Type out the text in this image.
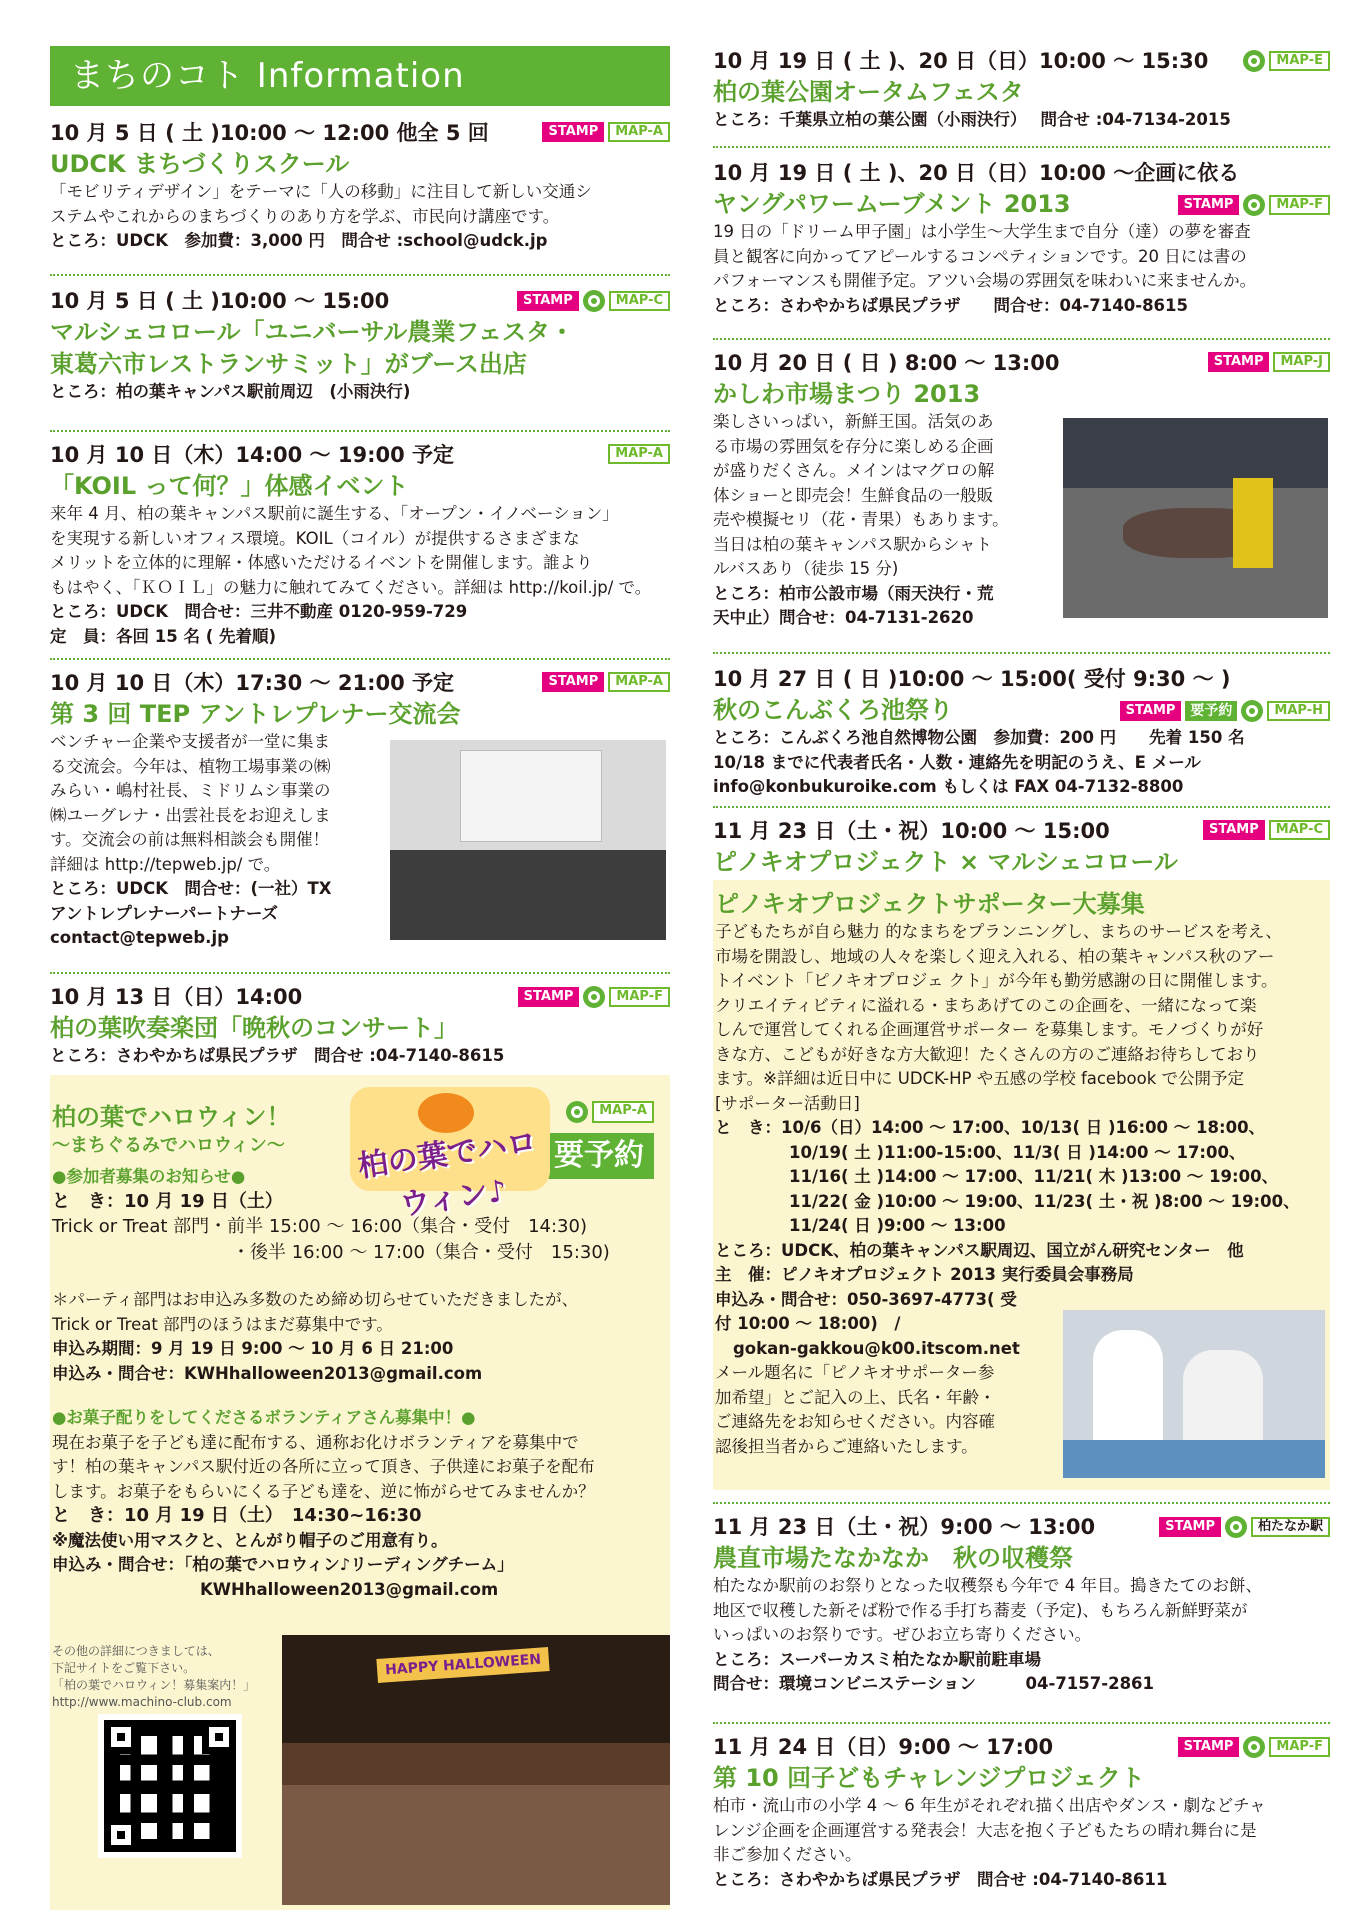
まちのコト Information
10 月 5 日 ( 土 )10:00 ～ 12:00 他全 5 回	STAMP	MAP-A
UDCK まちづくりスクール
「モビリティデザイン」をテーマに「人の移動」に注目して新しい交通シ
ステムやこれからのまちづくりのあり方を学ぶ、市民向け講座です。
ところ：UDCK　参加費：3,000 円　問合せ :school@udck.jp
10 月 5 日 ( 土 )10:00 ～ 15:00	STAMP	MAP-C
マルシェコロール「ユニバーサル農業フェスタ・
東葛六市レストランサミット」がブース出店
ところ：柏の葉キャンパス駅前周辺　(小雨決行)
10 月 10 日（木）14:00 ～ 19:00 予定	MAP-A
「KOIL って何？」体感イベント
来年 4 月、柏の葉キャンパス駅前に誕生する、「オープン・イノベーション」
を実現する新しいオフィス環境。KOIL（コイル）が提供するさまざまな
メリットを立体的に理解・体感いただけるイベントを開催します。誰より
もはやく、「ＫＯＩＬ」の魅力に触れてみてください。詳細は http://koil.jp/ で。
ところ：UDCK　問合せ：三井不動産 0120-959-729
定　員：各回 15 名 ( 先着順)
10 月 10 日（木）17:30 ～ 21:00 予定	STAMP	MAP-A
第 3 回 TEP アントレプレナー交流会
ベンチャー企業や支援者が一堂に集ま
る交流会。今年は、植物工場事業の㈱
みらい・嶋村社長、ミドリムシ事業の
㈱ユーグレナ・出雲社長をお迎えしま
す。交流会の前は無料相談会も開催！
詳細は http://tepweb.jp/ で。
ところ：UDCK　問合せ：(一社）TX
アントレプレナーパートナーズ
contact@tepweb.jp
10 月 13 日（日）14:00	STAMP	MAP-F
柏の葉吹奏楽団「晩秋のコンサート」
ところ：さわやかちば県民プラザ　問合せ :04-7140-8615
柏の葉でハロウィン！
～まちぐるみでハロウィン～
MAP-A
要予約
●参加者募集のお知らせ●
と　き：10 月 19 日（土）
Trick or Treat 部門・前半 15:00 ～ 16:00（集合・受付　14:30)
・後半 16:00 ～ 17:00（集合・受付　15:30)
＊パーティ部門はお申込み多数のため締め切らせていただきましたが、
Trick or Treat 部門のほうはまだ募集中です。
申込み期間：9 月 19 日 9:00 ～ 10 月 6 日 21:00
申込み・問合せ：KWHhalloween2013@gmail.com
●お菓子配りをしてくださるボランティアさん募集中！●
現在お菓子を子ども達に配布する、通称お化けボランティアを募集中で
す！柏の葉キャンパス駅付近の各所に立って頂き、子供達にお菓子を配布
します。お菓子をもらいにくる子ども達を、逆に怖がらせてみませんか？
と　き：10 月 19 日（土）　14:30~16:30
※魔法使い用マスクと、とんがり帽子のご用意有り。
申込み・問合せ：「柏の葉でハロウィン♪リーディングチーム」
KWHhalloween2013@gmail.com
その他の詳細につきましては、
下記サイトをご覧下さい。
「柏の葉でハロウィン！募集案内！」
http://www.machino-club.com
HAPPY HALLOWEEN
柏の葉でハロウィン♪
10 月 19 日 ( 土 )、20 日（日）10:00 ～ 15:30	MAP-E
柏の葉公園オータムフェスタ
ところ：千葉県立柏の葉公園（小雨決行）　 問合せ :04-7134-2015
10 月 19 日 ( 土 )、20 日（日）10:00 ～企画に依る
ヤングパワームーブメント 2013	STAMP	MAP-F
19 日の「ドリーム甲子園」は小学生～大学生まで自分（達）の夢を審査
員と観客に向かってアピールするコンペティションです。20 日には書の
パフォーマンスも開催予定。アツい会場の雰囲気を味わいに来ませんか。
ところ：さわやかちば県民プラザ　　問合せ：04-7140-8615
10 月 20 日 ( 日 ) 8:00 ～ 13:00	STAMP	MAP-J
かしわ市場まつり 2013
楽しさいっぱい，新鮮王国。活気のあ
る市場の雰囲気を存分に楽しめる企画
が盛りだくさん。メインはマグロの解
体ショーと即売会！生鮮食品の一般販
売や模擬セリ（花・青果）もあります。
当日は柏の葉キャンパス駅からシャト
ルバスあり（徒歩 15 分)
ところ：柏市公設市場（雨天決行・荒
天中止）問合せ：04-7131-2620
10 月 27 日 ( 日 )10:00 ～ 15:00( 受付 9:30 ～ )
秋のこんぶくろ池祭り	STAMP	要予約	MAP-H
ところ：こんぶくろ池自然博物公園　参加費：200 円　　先着 150 名
10/18 までに代表者氏名・人数・連絡先を明記のうえ、E メール
info@konbukuroike.com もしくは FAX 04-7132-8800
11 月 23 日（土・祝）10:00 ～ 15:00	STAMP	MAP-C
ピノキオプロジェクト × マルシェコロール
ピノキオプロジェクトサポーター大募集
子どもたちが自ら魅力 的なまちをプランニングし、まちのサービスを考え、
市場を開設し、地域の人々を楽しく迎え入れる、柏の葉キャンパス秋のアー
トイベント「ピノキオプロジェ クト」が今年も勤労感謝の日に開催します。
クリエイティビティに溢れる・まちあげてのこの企画を、一緒になって楽
しんで運営してくれる企画運営サポーター を募集します。モノづくりが好
きな方、こどもが好きな方大歓迎！たくさんの方のご連絡お待ちしており
ます。※詳細は近日中に UDCK-HP や五感の学校 facebook で公開予定
[サポーター活動日]
と　き：10/6（日）14:00 ～ 17:00、10/13( 日 )16:00 ～ 18:00、
10/19( 土 )11:00-15:00、11/3( 日 )14:00 ～ 17:00、
11/16( 土 )14:00 ～ 17:00、11/21( 木 )13:00 ～ 19:00、
11/22( 金 )10:00 ～ 19:00、11/23( 土・祝 )8:00 ～ 19:00、
11/24( 日 )9:00 ～ 13:00
ところ：UDCK、柏の葉キャンパス駅周辺、国立がん研究センター　他
主　催：ピノキオプロジェクト 2013 実行委員会事務局
申込み・問合せ：050-3697-4773( 受
付 10:00 ～ 18:00)　/
gokan-gakkou@k00.itscom.net
メール題名に「ピノキオサポーター参
加希望」とご記入の上、氏名・年齢・
ご連絡先をお知らせください。内容確
認後担当者からご連絡いたします。
11 月 23 日（土・祝）9:00 ～ 13:00	STAMP	柏たなか駅
農直市場たなかなか　秋の収穫祭
柏たなか駅前のお祭りとなった収穫祭も今年で 4 年目。搗きたてのお餅、
地区で収穫した新そば粉で作る手打ち蕎麦（予定)、もちろん新鮮野菜が
いっぱいのお祭りです。ぜひお立ち寄りください。
ところ：スーパーカスミ柏たなか駅前駐車場
問合せ：環境コンビニステーション　　　04-7157-2861
11 月 24 日（日）9:00 ～ 17:00	STAMP	MAP-F
第 10 回子どもチャレンジプロジェクト
柏市・流山市の小学 4 ～ 6 年生がそれぞれ描く出店やダンス・劇などチャ
レンジ企画を企画運営する発表会！大志を抱く子どもたちの晴れ舞台に是
非ご参加ください。
ところ：さわやかちば県民プラザ　問合せ :04-7140-8611
